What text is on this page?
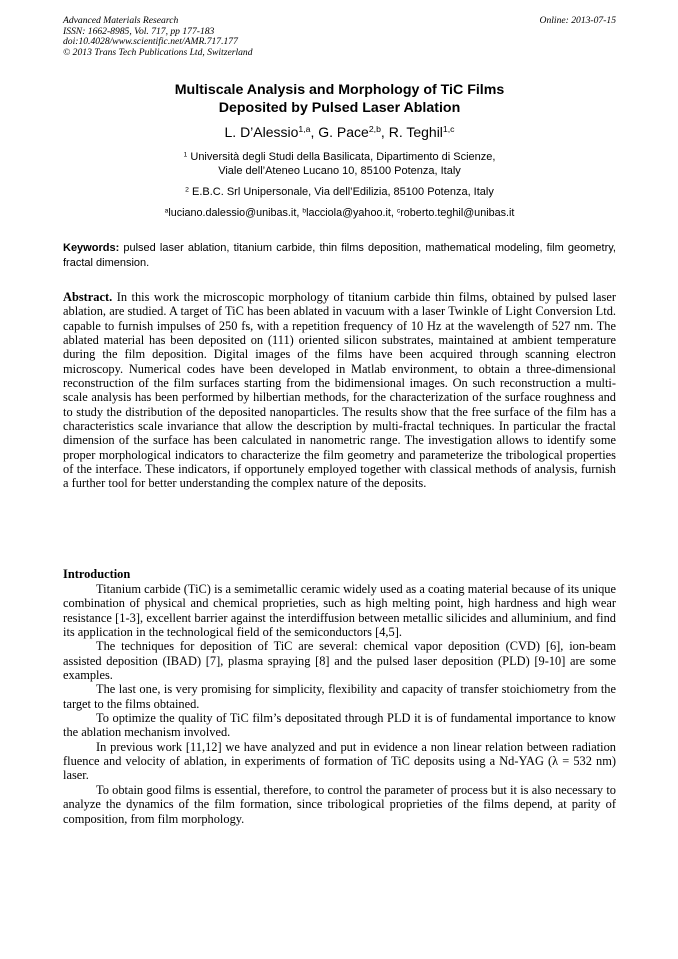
Advanced Materials Research
ISSN: 1662-8985, Vol. 717, pp 177-183
doi:10.4028/www.scientific.net/AMR.717.177
© 2013 Trans Tech Publications Ltd, Switzerland
Online: 2013-07-15
Multiscale Analysis and Morphology of TiC Films
Deposited by Pulsed Laser Ablation
L. D’Alessio$^{1,a}$, G. Pace$^{2,b}$, R. Teghil$^{1,c}$
$^1$ Università degli Studi della Basilicata, Dipartimento di Scienze,
Viale dell’Ateneo Lucano 10, 85100 Potenza, Italy
$^2$ E.B.C. Srl Unipersonale, Via dell’Edilizia, 85100 Potenza, Italy
$^a$luciano.dalessio@unibas.it, $^b$lacciola@yahoo.it, $^c$roberto.teghil@unibas.it
Keywords: pulsed laser ablation, titanium carbide, thin films deposition, mathematical modeling, film geometry, fractal dimension.
Abstract. In this work the microscopic morphology of titanium carbide thin films, obtained by pulsed laser ablation, are studied. A target of TiC has been ablated in vacuum with a laser Twinkle of Light Conversion Ltd. capable to furnish impulses of 250 fs, with a repetition frequency of 10 Hz at the wavelength of 527 nm. The ablated material has been deposited on (111) oriented silicon substrates, maintained at ambient temperature during the film deposition. Digital images of the films have been acquired through scanning electron microscopy. Numerical codes have been developed in Matlab environment, to obtain a three-dimensional reconstruction of the film surfaces starting from the bidimensional images. On such reconstruction a multi-scale analysis has been performed by hilbertian methods, for the characterization of the surface roughness and to study the distribution of the deposited nanoparticles. The results show that the free surface of the film has a characteristics scale invariance that allow the description by multi-fractal techniques. In particular the fractal dimension of the surface has been calculated in nanometric range. The investigation allows to identify some proper morphological indicators to characterize the film geometry and parameterize the tribological properties of the interface. These indicators, if opportunely employed together with classical methods of analysis, furnish a further tool for better understanding the complex nature of the deposits.
Introduction

Titanium carbide (TiC) is a semimetallic ceramic widely used as a coating material because of its unique combination of physical and chemical proprieties, such as high melting point, high hardness and high wear resistance [1-3], excellent barrier against the interdiffusion between metallic silicides and alluminium, and find its application in the technological field of the semiconductors [4,5].

The techniques for deposition of TiC are several: chemical vapor deposition (CVD) [6], ion-beam assisted deposition (IBAD) [7], plasma spraying [8] and the pulsed laser deposition (PLD) [9-10] are some examples.

The last one, is very promising for simplicity, flexibility and capacity of transfer stoichiometry from the target to the films obtained.

To optimize the quality of TiC film’s depositated through PLD it is of fundamental importance to know the ablation mechanism involved.

In previous work [11,12] we have analyzed and put in evidence a non linear relation between radiation fluence and velocity of ablation, in experiments of formation of TiC deposits using a Nd-YAG (λ = 532 nm) laser.

To obtain good films is essential, therefore, to control the parameter of process but it is also necessary to analyze the dynamics of the film formation, since tribological proprieties of the films depend, at parity of composition, from film morphology.
